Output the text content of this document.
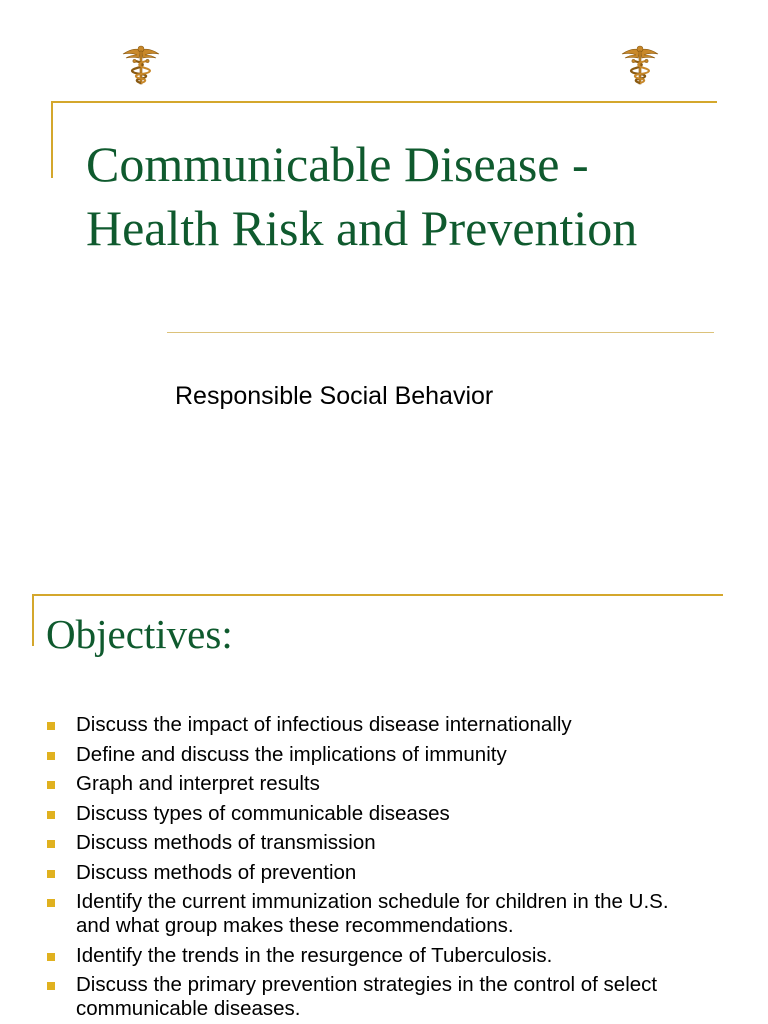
Communicable Disease -
Health Risk and Prevention
Responsible Social Behavior
Objectives:
Discuss the impact of infectious disease internationally
Define and discuss the implications of immunity
Graph and interpret results
Discuss types of communicable diseases
Discuss methods of transmission
Discuss methods of prevention
Identify the current immunization schedule for children in the U.S.
and what group makes these recommendations.
Identify the trends in the resurgence of Tuberculosis.
Discuss the primary prevention strategies in the control of select
communicable diseases.
